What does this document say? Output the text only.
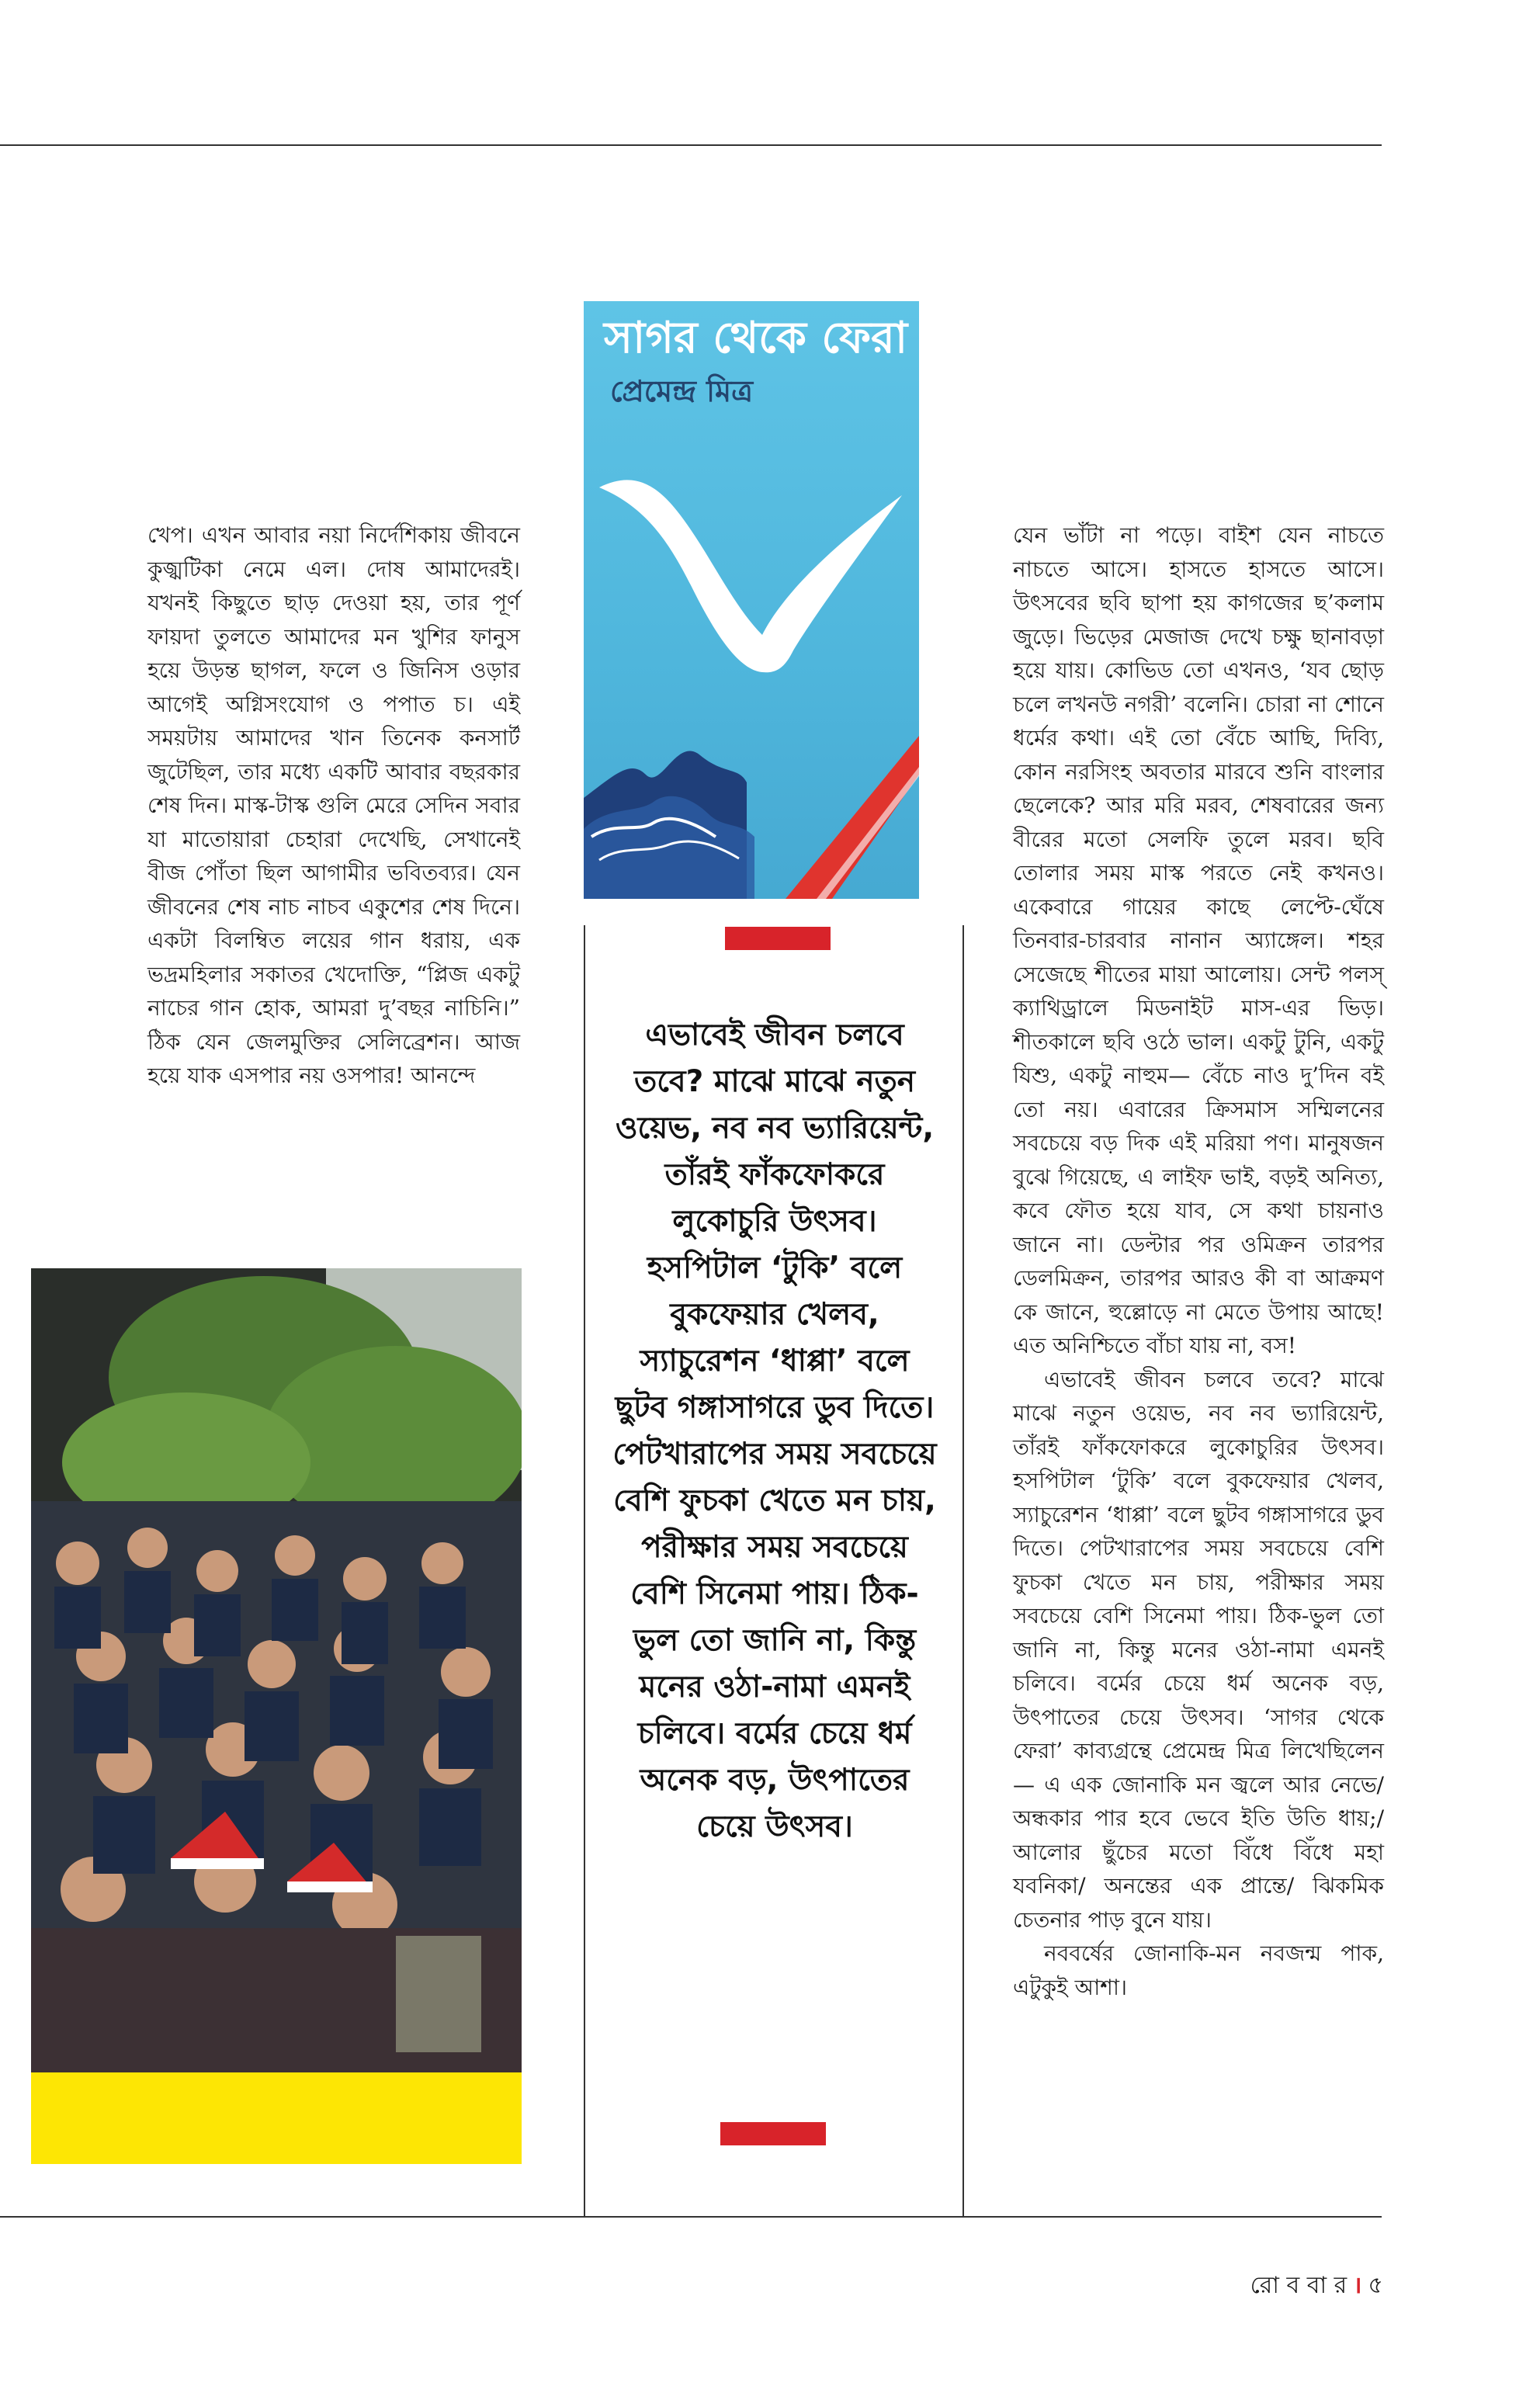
খেপ। এখন আবার নয়া নির্দেশিকায় জীবনে কুজ্ঝটিকা নেমে এল। দোষ আমাদেরই। যখনই কিছুতে ছাড় দেওয়া হয়, তার পূর্ণ ফায়দা তুলতে আমাদের মন খুশির ফানুস হয়ে উড়ন্ত ছাগল, ফলে ও জিনিস ওড়ার আগেই অগ্নিসংযোগ ও পপাত চ। এই সময়টায় আমাদের খান তিনেক কনসার্ট জুটেছিল, তার মধ্যে একটি আবার বছরকার শেষ দিন। মাস্ক-টাস্ক গুলি মেরে সেদিন সবার যা মাতোয়ারা চেহারা দেখেছি, সেখানেই বীজ পোঁতা ছিল আগামীর ভবিতব্যর। যেন জীবনের শেষ নাচ নাচব একুশের শেষ দিনে। একটা বিলম্বিত লয়ের গান ধরায়, এক ভদ্রমহিলার সকাতর খেদোক্তি, “প্লিজ একটু নাচের গান হোক, আমরা দু’বছর নাচিনি।” ঠিক যেন জেলমুক্তির সেলিব্রেশন। আজ হয়ে যাক এসপার নয় ওসপার! আনন্দে

সাগর থেকে ফেরা
প্রেমেন্দ্র মিত্র
এভাবেই জীবন চলবে তবে? মাঝে মাঝে নতুন ওয়েভ, নব নব ভ্যারিয়েন্ট, তাঁরই ফাঁকফোকরে লুকোচুরি উৎসব। হসপিটাল ‘টুকি’ বলে বুকফেয়ার খেলব, স্যাচুরেশন ‘ধাপ্পা’ বলে ছুটব গঙ্গাসাগরে ডুব দিতে। পেটখারাপের সময় সবচেয়ে বেশি ফুচকা খেতে মন চায়, পরীক্ষার সময় সবচেয়ে বেশি সিনেমা পায়। ঠিক-ভুল তো জানি না, কিন্তু মনের ওঠা-নামা এমনই চলিবে। বর্মের চেয়ে ধর্ম অনেক বড়, উৎপাতের চেয়ে উৎসব।

যেন ভাঁটা না পড়ে। বাইশ যেন নাচতে নাচতে আসে। হাসতে হাসতে আসে। উৎসবের ছবি ছাপা হয় কাগজের ছ’কলাম জুড়ে। ভিড়ের মেজাজ দেখে চক্ষু ছানাবড়া হয়ে যায়। কোভিড তো এখনও, ‘যব ছোড় চলে লখনউ নগরী’ বলেনি। চোরা না শোনে ধর্মের কথা। এই তো বেঁচে আছি, দিব্যি, কোন নরসিংহ অবতার মারবে শুনি বাংলার ছেলেকে? আর মরি মরব, শেষবারের জন্য বীরের মতো সেলফি তুলে মরব। ছবি তোলার সময় মাস্ক পরতে নেই কখনও। একেবারে গায়ের কাছে লেপ্টে-ঘেঁষে তিনবার-চারবার নানান অ্যাঙ্গেল। শহর সেজেছে শীতের মায়া আলোয়। সেন্ট পলস্‌ ক্যাথিড্রালে মিডনাইট মাস-এর ভিড়। শীতকালে ছবি ওঠে ভাল। একটু টুনি, একটু যিশু, একটু নাহুম— বেঁচে নাও দু’দিন বই তো নয়। এবারের ক্রিসমাস সম্মিলনের সবচেয়ে বড় দিক এই মরিয়া পণ। মানুষজন বুঝে গিয়েছে, এ লাইফ ভাই, বড়ই অনিত্য, কবে ফৌত হয়ে যাব, সে কথা চায়নাও জানে না। ডেল্টার পর ওমিক্রন তারপর ডেলমিক্রন, তারপর আরও কী বা আক্রমণ কে জানে, হুল্লোড়ে না মেতে উপায় আছে! এত অনিশ্চিতে বাঁচা যায় না, বস!

এভাবেই জীবন চলবে তবে? মাঝে মাঝে নতুন ওয়েভ, নব নব ভ্যারিয়েন্ট, তাঁরই ফাঁকফোকরে লুকোচুরির উৎসব। হসপিটাল ‘টুকি’ বলে বুকফেয়ার খেলব, স্যাচুরেশন ‘ধাপ্পা’ বলে ছুটব গঙ্গাসাগরে ডুব দিতে। পেটখারাপের সময় সবচেয়ে বেশি ফুচকা খেতে মন চায়, পরীক্ষার সময় সবচেয়ে বেশি সিনেমা পায়। ঠিক-ভুল তো জানি না, কিন্তু মনের ওঠা-নামা এমনই চলিবে। বর্মের চেয়ে ধর্ম অনেক বড়, উৎপাতের চেয়ে উৎসব। ‘সাগর থেকে ফেরা’ কাব্যগ্রন্থে প্রেমেন্দ্র মিত্র লিখেছিলেন— এ এক জোনাকি মন জ্বলে আর নেভে/ অন্ধকার পার হবে ভেবে ইতি উতি ধায়;/ আলোর ছুঁচের মতো বিঁধে বিঁধে মহা যবনিকা/ অনন্তের এক প্রান্তে/ ঝিকমিক চেতনার পাড় বুনে যায়।

নববর্ষের জোনাকি-মন নবজন্ম পাক, এটুকুই আশা।

রো ব বা র । ৫
